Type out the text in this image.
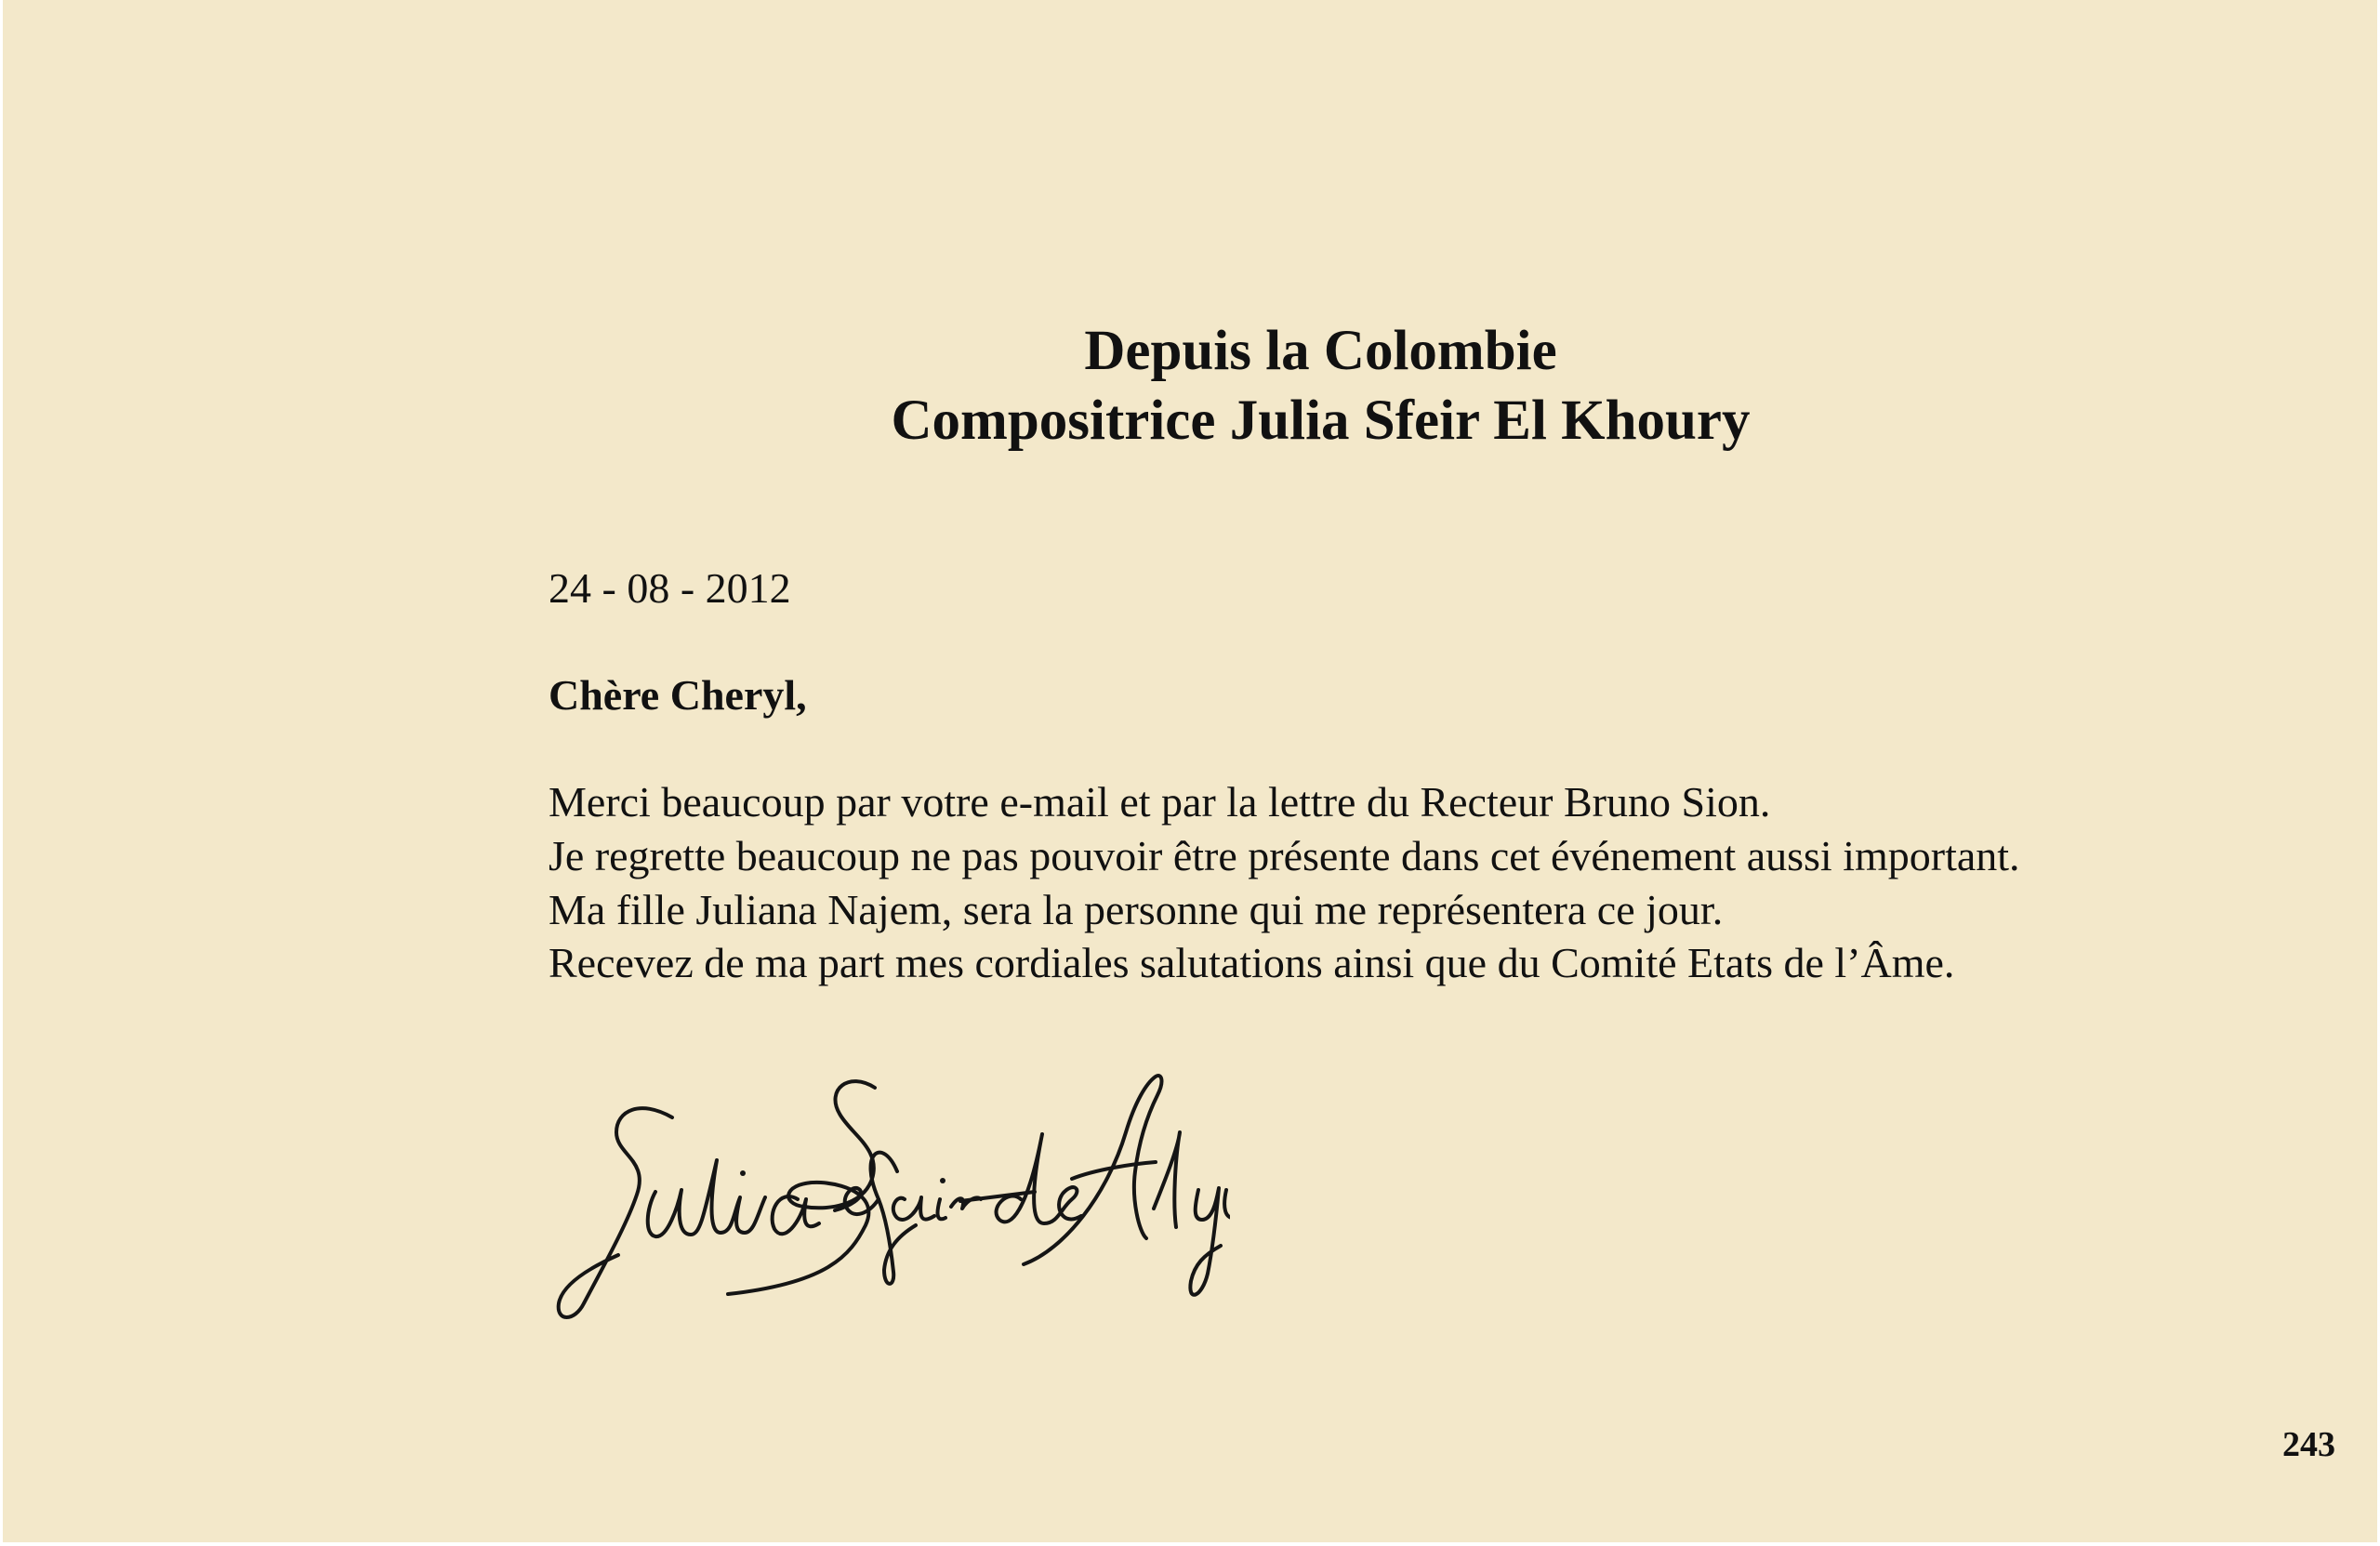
Depuis la Colombie
Compositrice Julia Sfeir El Khoury
24 - 08 - 2012
Chère Cheryl,
Merci beaucoup par votre e-mail et par la lettre du Recteur Bruno Sion.
Je regrette beaucoup ne pas pouvoir être présente dans cet événement aussi important.
Ma fille Juliana Najem, sera la personne qui me représentera ce jour.
Recevez de ma part mes cordiales salutations ainsi que du Comité Etats de l’Âme.
243
